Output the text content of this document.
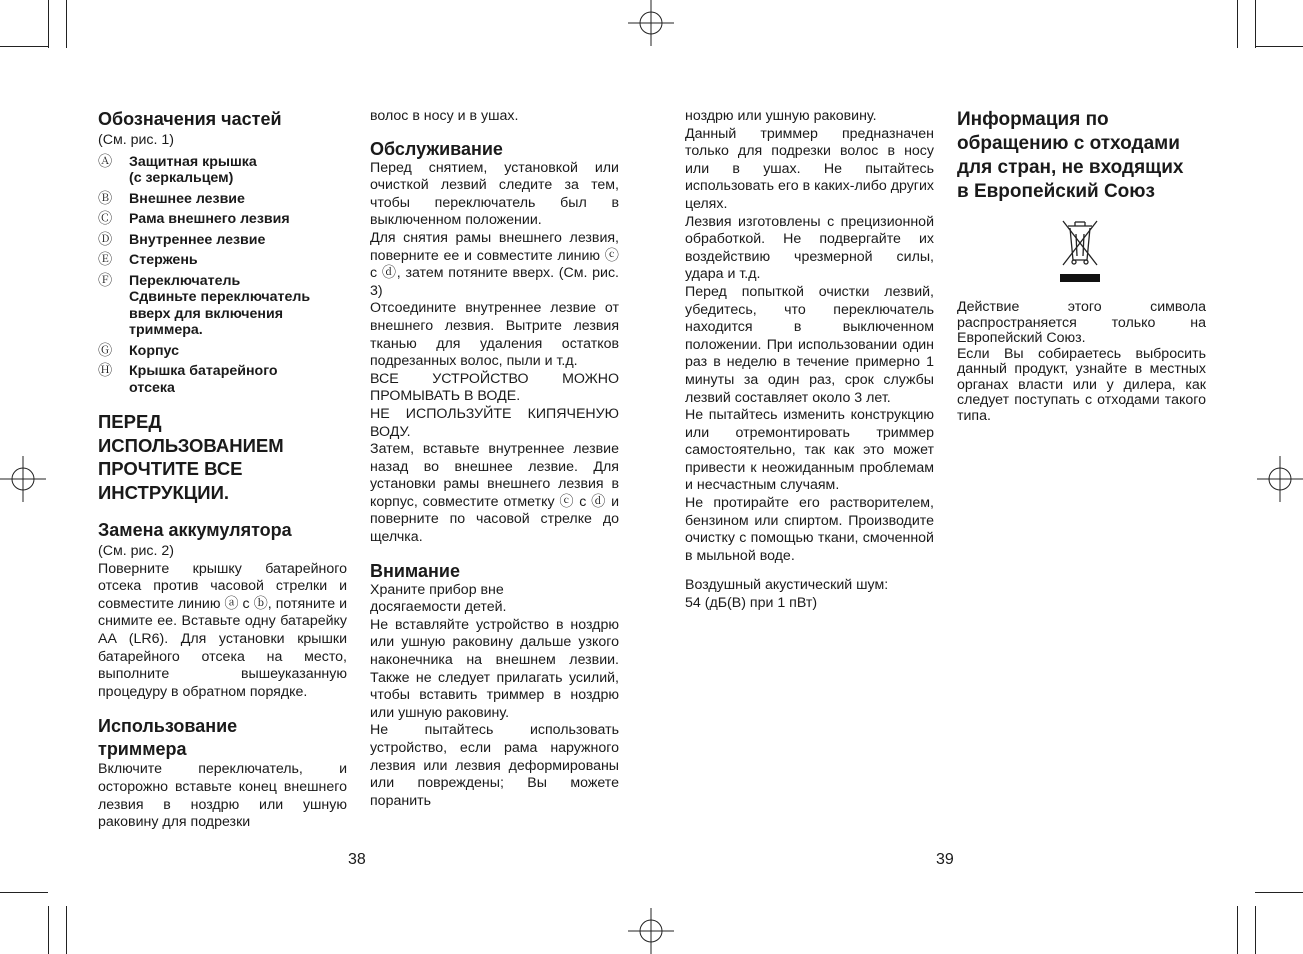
Обозначения частей
(См. рис. 1)
Ⓐ	Защитная крышка
(с зеркальцем)
Ⓑ	Внешнее лезвие
Ⓒ	Рама внешнего лезвия
Ⓓ	Внутреннее лезвие
Ⓔ	Стержень
Ⓕ	Переключатель
Сдвиньте переключатель
вверх для включения
триммера.
Ⓖ	Корпус
Ⓗ	Крышка батарейного
отсека
ПЕРЕД
ИСПОЛЬЗОВАНИЕМ
ПРОЧТИТЕ ВСЕ
ИНСТРУКЦИИ.
Замена аккумулятора
(См. рис. 2)

Поверните крышку батарейного отсека против часовой стрелки и совместите линию ⓐ с ⓑ, потяните и снимите ее. Вставьте одну батарейку AA (LR6). Для установки крышки батарейного отсека на место, выполните вышеуказанную процедуру в обратном порядке.

Использование
триммера

Включите переключатель, и осторожно вставьте конец внешнего лезвия в ноздрю или ушную раковину для подрезки

волос в носу и в ушах.

Обслуживание

Перед снятием, установкой или очисткой лезвий следите за тем, чтобы переключатель был в выключенном положении.

Для снятия рамы внешнего лезвия, поверните ее и совместите линию ⓒ с ⓓ, затем потяните вверх. (См. рис. 3)

Отсоедините внутреннее лезвие от внешнего лезвия. Вытрите лезвия тканью для удаления остатков подрезанных волос, пыли и т.д.

ВСЕ УСТРОЙСТВО МОЖНО ПРОМЫВАТЬ В ВОДЕ.

НЕ ИСПОЛЬЗУЙТЕ КИПЯЧЕНУЮ ВОДУ.

Затем, вставьте внутреннее лезвие назад во внешнее лезвие. Для установки рамы внешнего лезвия в корпус, совместите отметку ⓒ с ⓓ и поверните по часовой стрелке до щелчка.

Внимание

Храните прибор вне
досягаемости детей.

Не вставляйте устройство в ноздрю или ушную раковину дальше узкого наконечника на внешнем лезвии. Также не следует прилагать усилий, чтобы вставить триммер в ноздрю или ушную раковину.

Не пытайтесь использовать устройство, если рама наружного лезвия или лезвия деформированы или повреждены; Вы можете поранить

ноздрю или ушную раковину.

Данный триммер предназначен только для подрезки волос в носу или в ушах. Не пытайтесь использовать его в каких-либо других целях.

Лезвия изготовлены с прецизионной обработкой. Не подвергайте их воздействию чрезмерной силы, удара и т.д.

Перед попыткой очистки лезвий, убедитесь, что переключатель находится в выключенном положении. При использовании один раз в неделю в течение примерно 1 минуты за один раз, срок службы лезвий составляет около 3 лет.

Не пытайтесь изменить конструкцию или отремонтировать триммер самостоятельно, так как это может привести к неожиданным проблемам и несчастным случаям.

Не протирайте его растворителем, бензином или спиртом. Производите очистку с помощью ткани, смоченной в мыльной воде.

Воздушный акустический шум:
54 (дБ(В) при 1 пВт)
Информация по
обращению с отходами
для стран, не входящих
в Европейский Союз

Действие этого символа распространяется только на Европейский Союз.

Если Вы собираетесь выбросить данный продукт, узнайте в местных органах власти или у дилера, как следует поступать с отходами такого типа.

38	39
